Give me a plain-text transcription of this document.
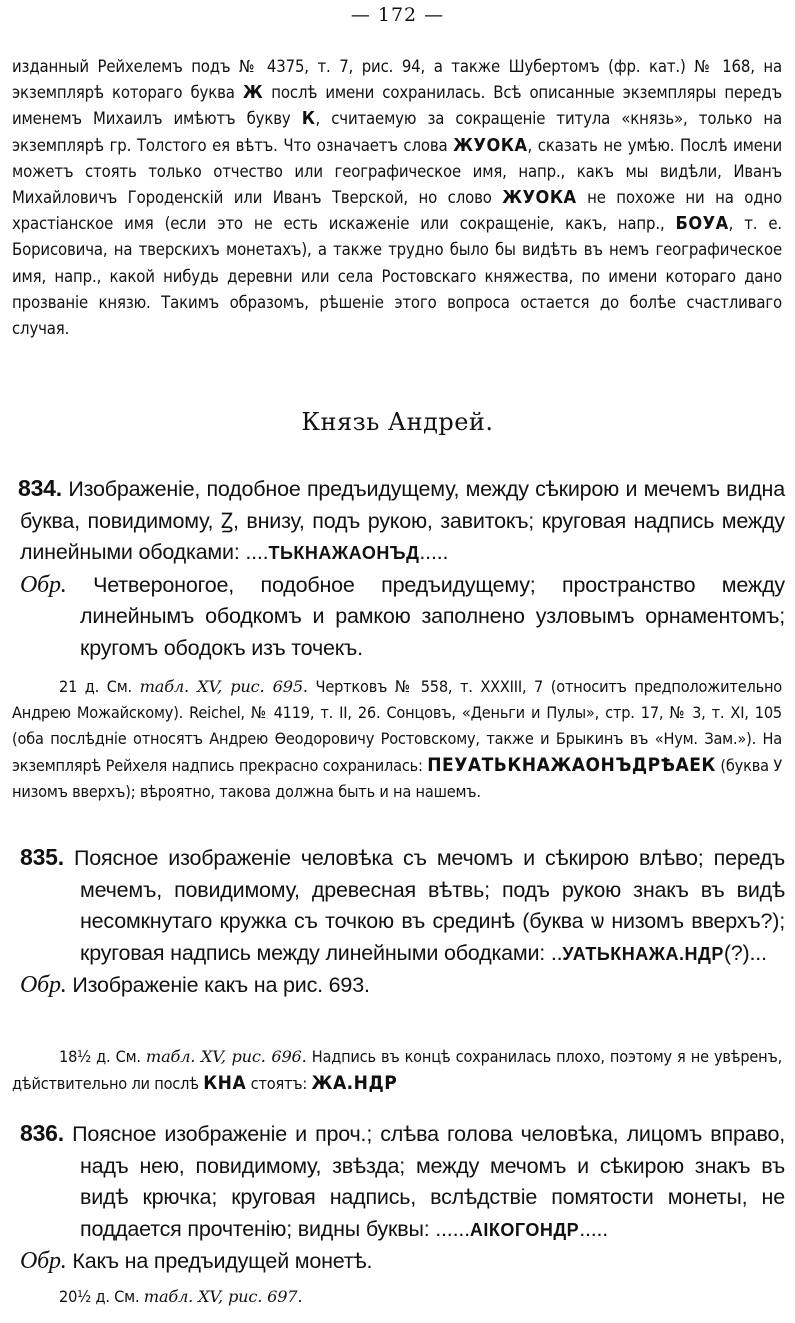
— 172 —

изданный Рейхелемъ подъ № 4375, т. 7, рис. 94, а также Шубертомъ (фр. кат.) № 168, на экземплярѣ котораго буква Ж послѣ имени сохранилась. Всѣ описанные экземпляры передъ именемъ Михаилъ имѣютъ букву К, считаемую за сокращеніе титула «князь», только на экземплярѣ гр. Толстого ея вѣтъ. Что означаетъ слова ЖУОКА, сказать не умѣю. Послѣ имени можетъ стоять только отчество или географическое имя, напр., какъ мы видѣли, Иванъ Михайловичъ Городенскій или Иванъ Тверской, но слово ЖУОКА не похоже ни на одно храстіанское имя (если это не есть искаженіе или сокращеніе, какъ, напр., БОУА, т. е. Борисовича, на тверскихъ монетахъ), а также трудно было бы видѣть въ немъ географическое имя, напр., какой нибудь деревни или села Ростовскаго княжества, по имени котораго дано прозваніе князю. Такимъ образомъ, рѣшеніе этого вопроса остается до болѣе счастливаго случая.

Князь Андрей.
834. Изображеніе, подобное предъидущему, между сѣкирою и мечемъ видна буква, повидимому, Ꙁ, внизу, подъ рукою, завитокъ; круговая надпись между линейными ободками: ....ТЬКНАЖАОНЪД.....
Обр. Четвероногое, подобное предъидущему; пространство между линейнымъ ободкомъ и рамкою заполнено узловымъ орнаментомъ; кругомъ ободокъ изъ точекъ.

21 д. См. табл. XV, рис. 695. Чертковъ № 558, т. XXXIII, 7 (относитъ предположительно Андрею Можайскому). Reichel, № 4119, т. II, 26. Сонцовъ, «Деньги и Пулы», стр. 17, № 3, т. XI, 105 (оба послѣдніе относятъ Андрею Ѳеодоровичу Ростовскому, также и Брыкинъ въ «Нум. Зам.»). На экземплярѣ Рейхеля надпись прекрасно сохранилась: ПЕУАТЬКНАЖАОНЪДРѢАЕК (буква У низомъ вверхъ); вѣроятно, такова должна быть и на нашемъ.

835. Поясное изображеніе человѣка съ мечомъ и сѣкирою влѣво; передъ мечемъ, повидимому, древесная вѣтвь; подъ рукою знакъ въ видѣ несомкнутаго кружка съ точкою въ срединѣ (буква ѡ низомъ вверхъ?); круговая надпись между линейными ободками: ..УАТЬКНАЖА.НДР(?)...
Обр. Изображеніе какъ на рис. 693.

18½ д. См. табл. XV, рис. 696. Надпись въ концѣ сохранилась плохо, поэтому я не увѣренъ, дѣйствительно ли послѣ КНА стоятъ: ЖА.НДР

836. Поясное изображеніе и проч.; слѣва голова человѣка, лицомъ вправо, надъ нею, повидимому, звѣзда; между мечомъ и сѣкирою знакъ въ видѣ крючка; круговая надпись, вслѣдствіе помятости монеты, не поддается прочтенію; видны буквы: ......АІКОГОНДР.....
Обр. Какъ на предъидущей монетѣ.

20½ д. См. табл. XV, рис. 697.
